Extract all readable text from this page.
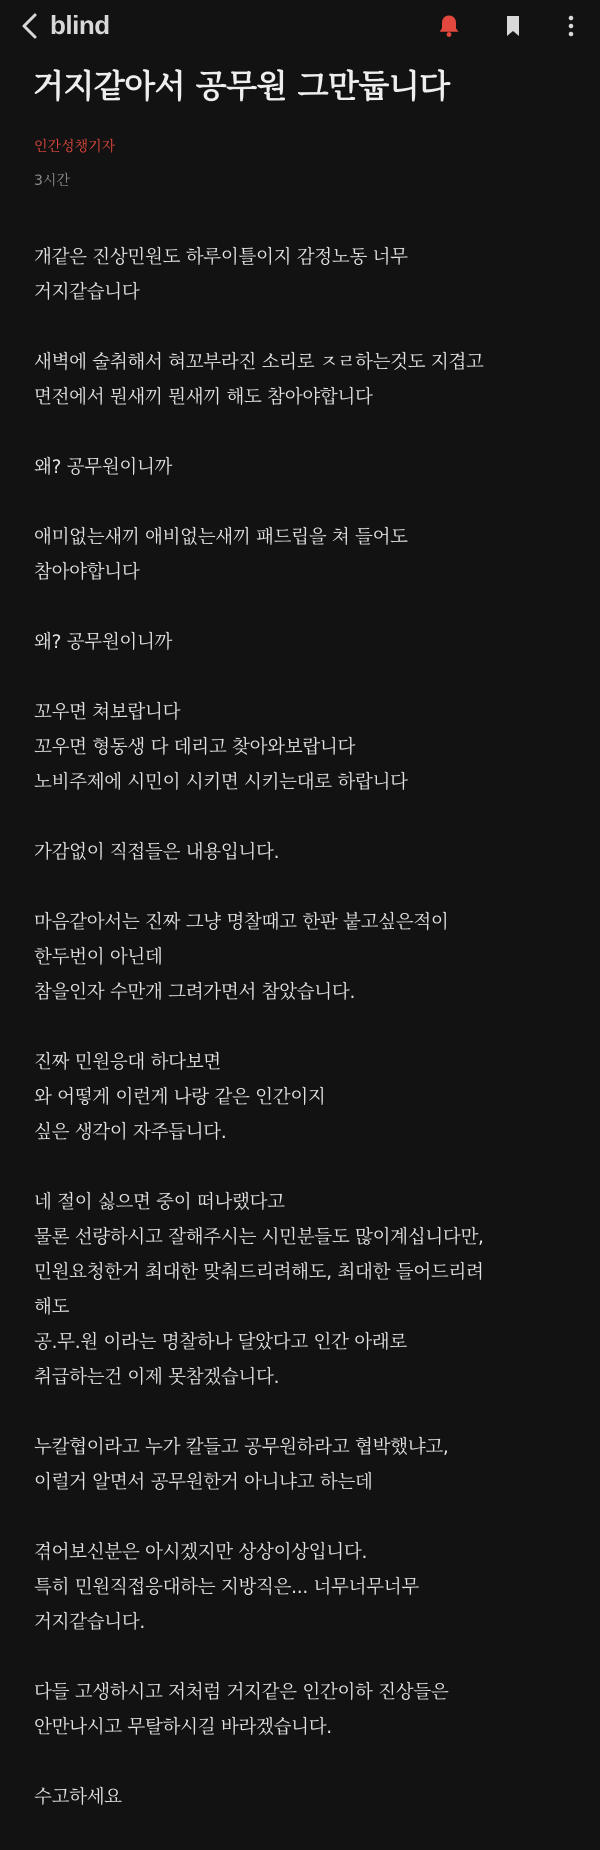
blind
거지같아서 공무원 그만둡니다
인간성챙기자
3시간

개같은 진상민원도 하루이틀이지 감정노동 너무
거지같습니다

새벽에 술취해서 혀꼬부라진 소리로 ㅈㄹ하는것도 지겹고
면전에서 뭔새끼 뭔새끼 해도 참아야합니다

왜? 공무원이니까

애미없는새끼 애비없는새끼 패드립을 쳐 들어도
참아야합니다

왜? 공무원이니까

꼬우면 쳐보랍니다
꼬우면 형동생 다 데리고 찾아와보랍니다
노비주제에 시민이 시키면 시키는대로 하랍니다

가감없이 직접들은 내용입니다.

마음같아서는 진짜 그냥 명찰때고 한판 붙고싶은적이
한두번이 아닌데
참을인자 수만개 그려가면서 참았습니다.

진짜 민원응대 하다보면
와 어떻게 이런게 나랑 같은 인간이지
싶은 생각이 자주듭니다.

네 절이 싫으면 중이 떠나랬다고
물론 선량하시고 잘해주시는 시민분들도 많이계십니다만,
민원요청한거 최대한 맞춰드리려해도, 최대한 들어드리려
해도
공.무.원 이라는 명찰하나 달았다고 인간 아래로
취급하는건 이제 못참겠습니다.

누칼협이라고 누가 칼들고 공무원하라고 협박했냐고,
이럴거 알면서 공무원한거 아니냐고 하는데

겪어보신분은 아시겠지만 상상이상입니다.
특히 민원직접응대하는 지방직은... 너무너무너무
거지같습니다.

다들 고생하시고 저처럼 거지같은 인간이하 진상들은
안만나시고 무탈하시길 바라겠습니다.

수고하세요
